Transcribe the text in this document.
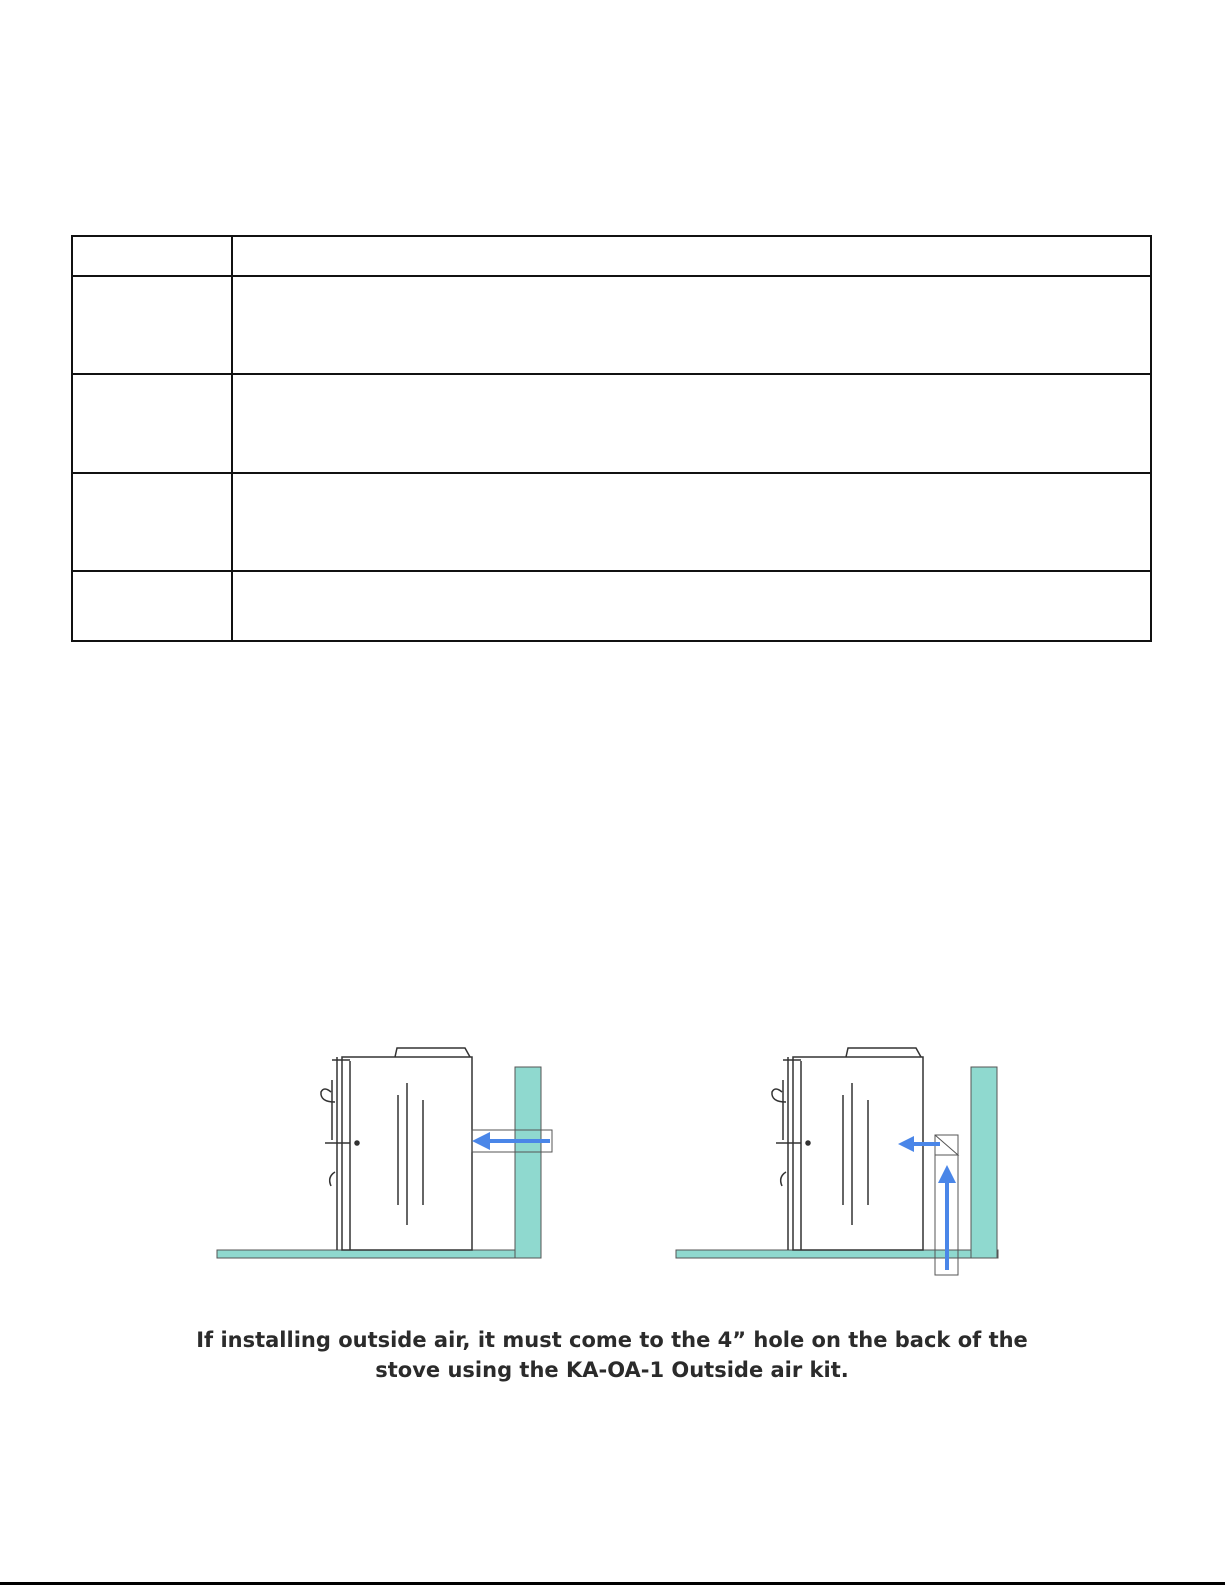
If installing outside air, it must come to the 4” hole on the back of the
stove using the KA-OA-1 Outside air kit.
